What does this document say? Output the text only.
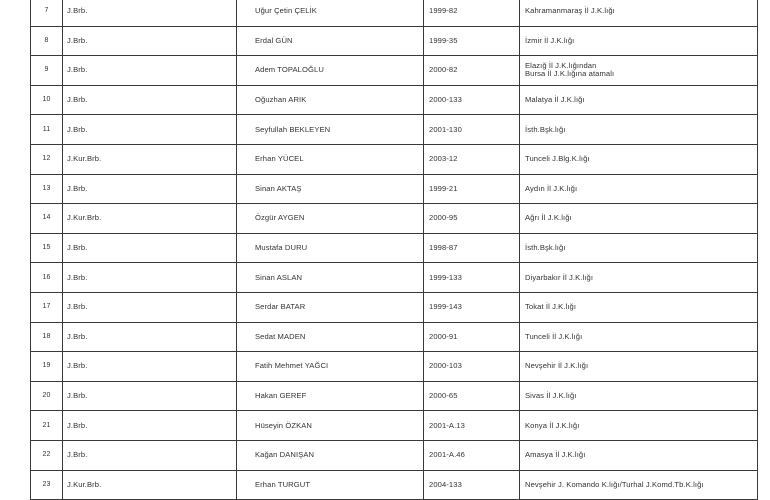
7	J.Brb.	Uğur Çetin ÇELİK	1999-82	Kahramanmaraş İl J.K.lığı

8	J.Brb.	Erdal GÜN	1999-35	İzmir İl J.K.lığı

9	J.Brb.	Adem TOPALOĞLU	2000-82	Elazığ İl J.K.lığından
Bursa İl J.K.lığına atamalı

10	J.Brb.	Oğuzhan ARIK	2000-133	Malatya İl J.K.lığı

11	J.Brb.	Seyfullah BEKLEYEN	2001-130	İsth.Bşk.lığı

12	J.Kur.Brb.	Erhan YÜCEL	2003-12	Tunceli J.Blg.K.lığı

13	J.Brb.	Sinan AKTAŞ	1999-21	Aydın İl J.K.lığı

14	J.Kur.Brb.	Özgür AYGEN	2000-95	Ağrı İl J.K.lığı

15	J.Brb.	Mustafa DURU	1998-87	İsth.Bşk.lığı

16	J.Brb.	Sinan ASLAN	1999-133	Diyarbakır İl J.K.lığı

17	J.Brb.	Serdar BATAR	1999-143	Tokat İl J.K.lığı

18	J.Brb.	Sedat MADEN	2000-91	Tunceli İl J.K.lığı

19	J.Brb.	Fatih Mehmet YAĞCI	2000-103	Nevşehir İl J.K.lığı

20	J.Brb.	Hakan GEREF	2000-65	Sivas İl J.K.lığı

21	J.Brb.	Hüseyin ÖZKAN	2001-A.13	Konya İl J.K.lığı

22	J.Brb.	Kağan DANIŞAN	2001-A.46	Amasya İl J.K.lığı

23	J.Kur.Brb.	Erhan TURGUT	2004-133	Nevşehir J. Komando K.lığı/Turhal J.Komd.Tb.K.lığı
